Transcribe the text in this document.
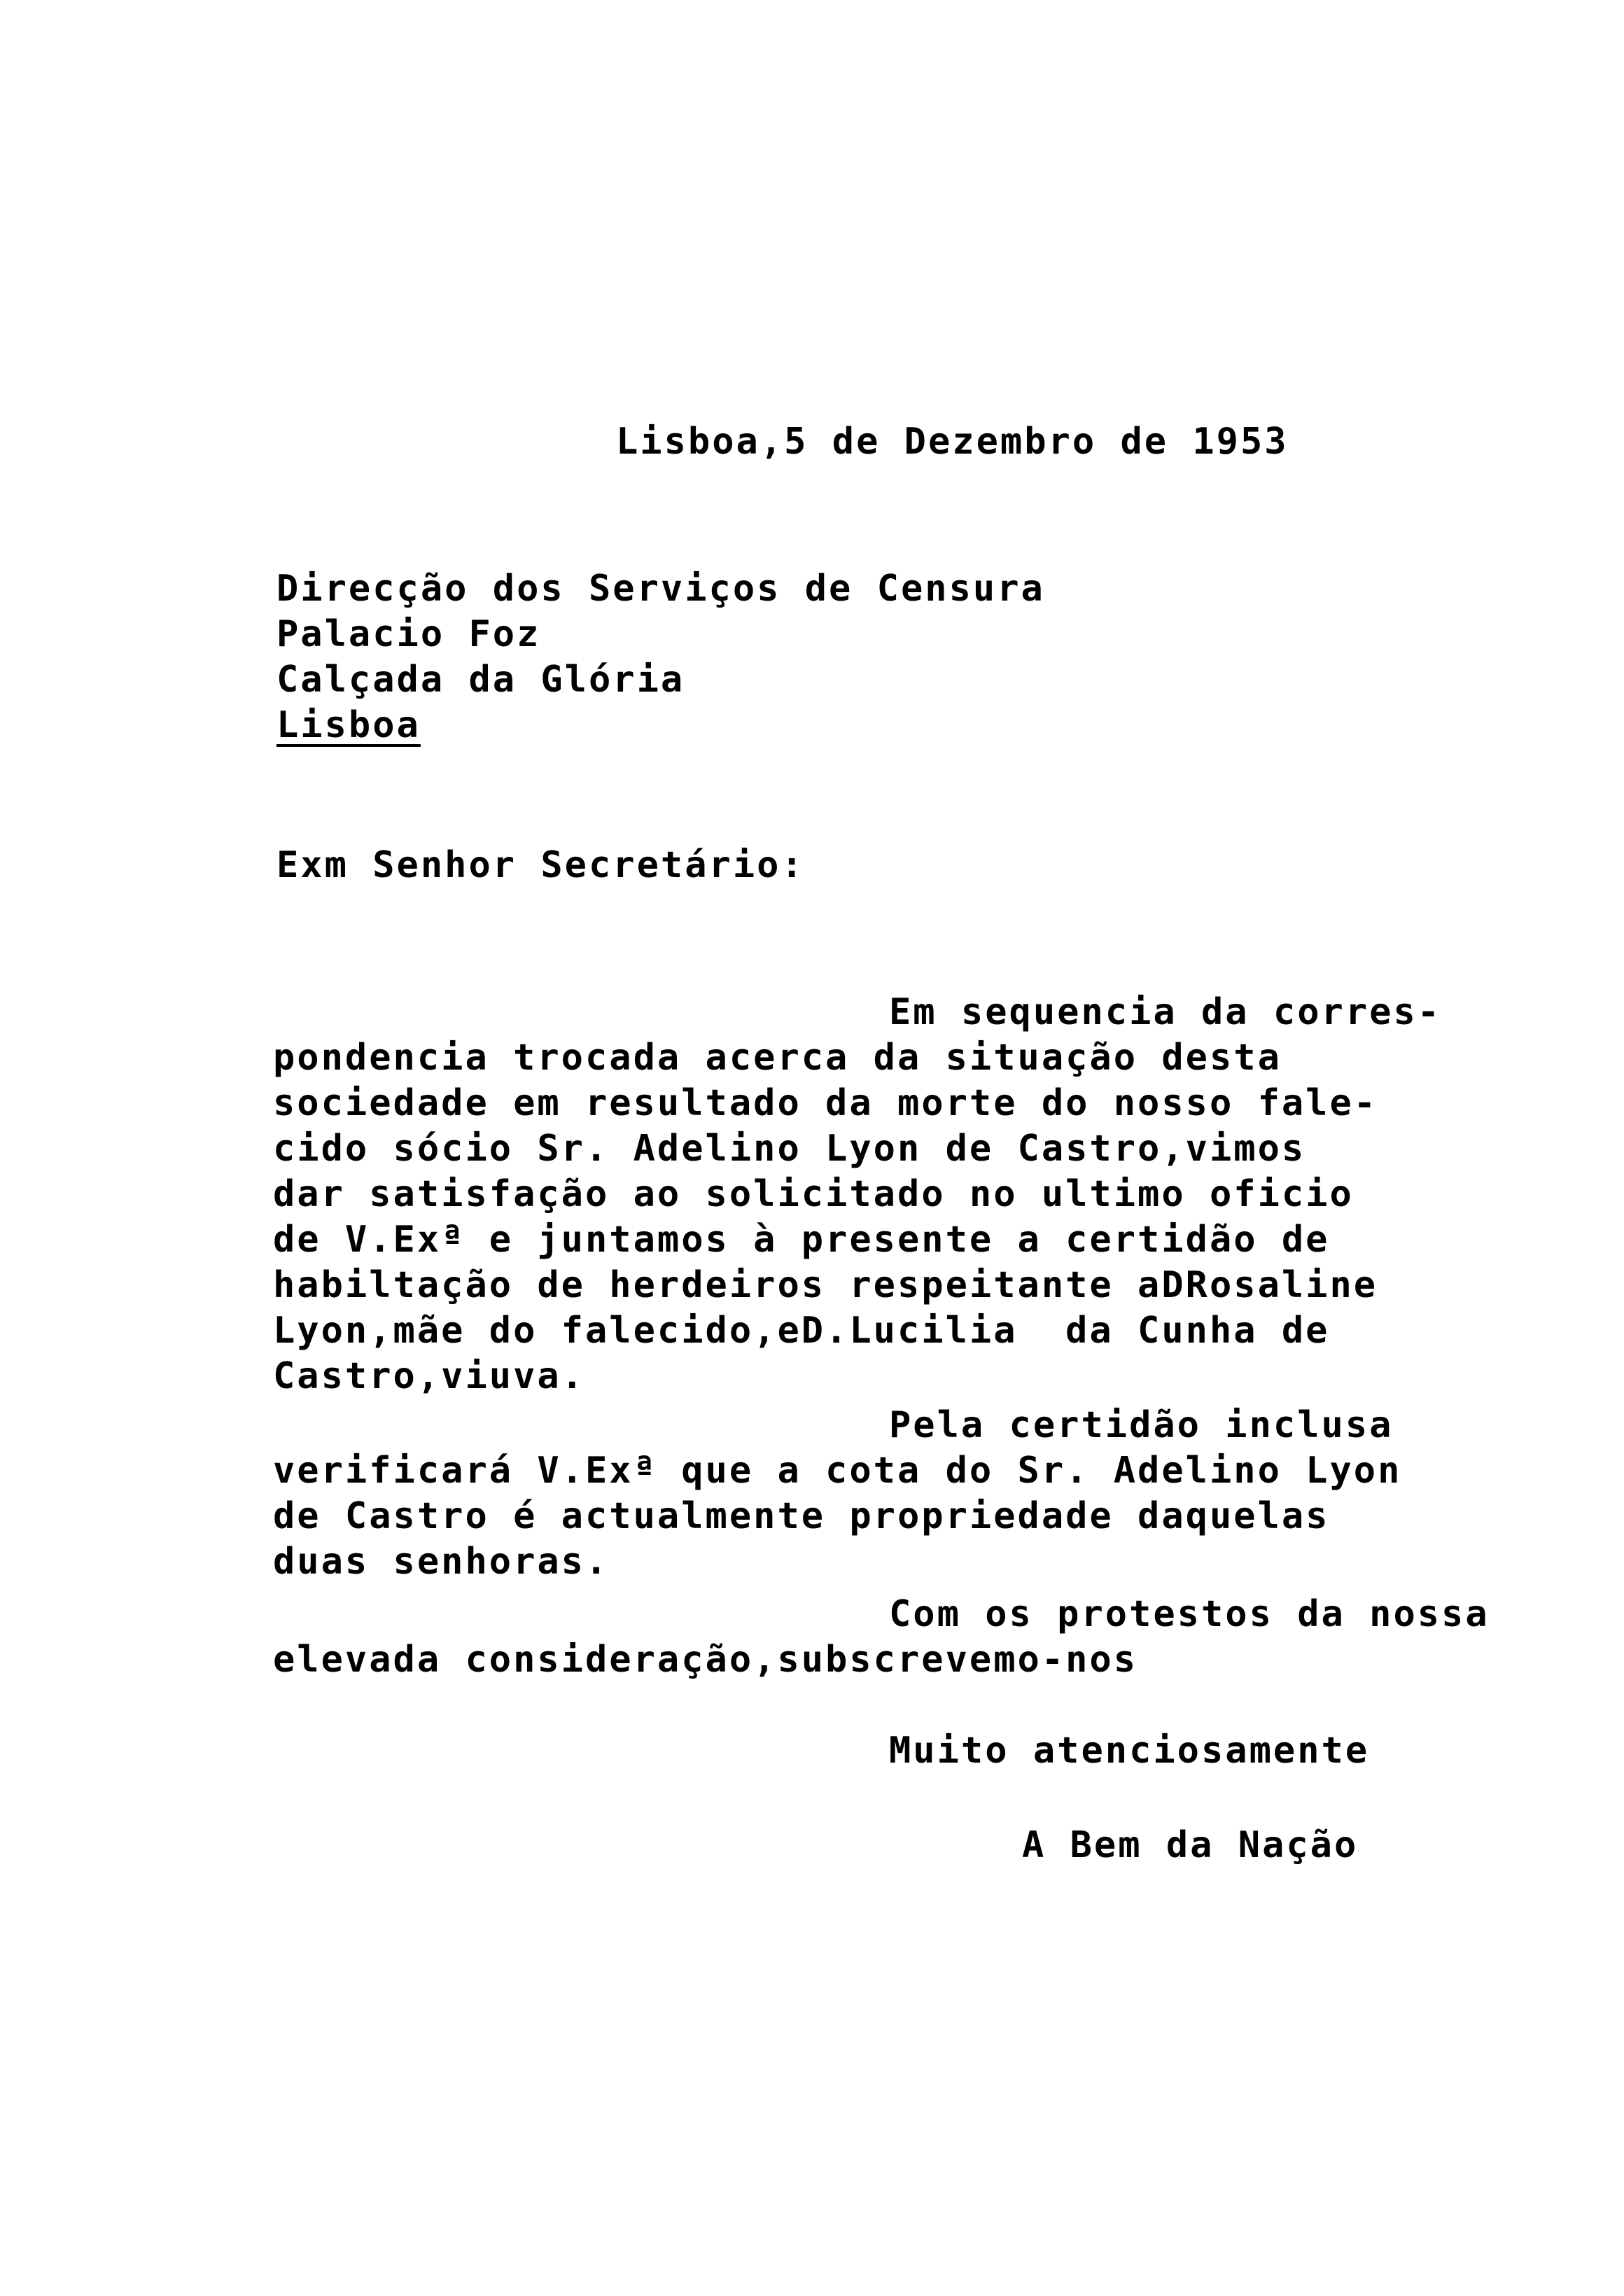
Lisboa,5 de Dezembro de 1953
Direcção dos Serviços de Censura
Palacio Foz
Calçada da Glória
Lisboa
Exm Senhor Secretário:
Em sequencia da corres-
pondencia trocada acerca da situação desta
sociedade em resultado da morte do nosso fale-
cido sócio Sr. Adelino Lyon de Castro,vimos
dar satisfação ao solicitado no ultimo oficio
de V.Exª e juntamos à presente a certidão de
habiltação de herdeiros respeitante aDRosaline
Lyon,mãe do falecido,eD.Lucilia  da Cunha de
Castro,viuva.
Pela certidão inclusa
verificará V.Exª que a cota do Sr. Adelino Lyon
de Castro é actualmente propriedade daquelas
duas senhoras.
Com os protestos da nossa
elevada consideração,subscrevemo-nos
Muito atenciosamente
A Bem da Nação
